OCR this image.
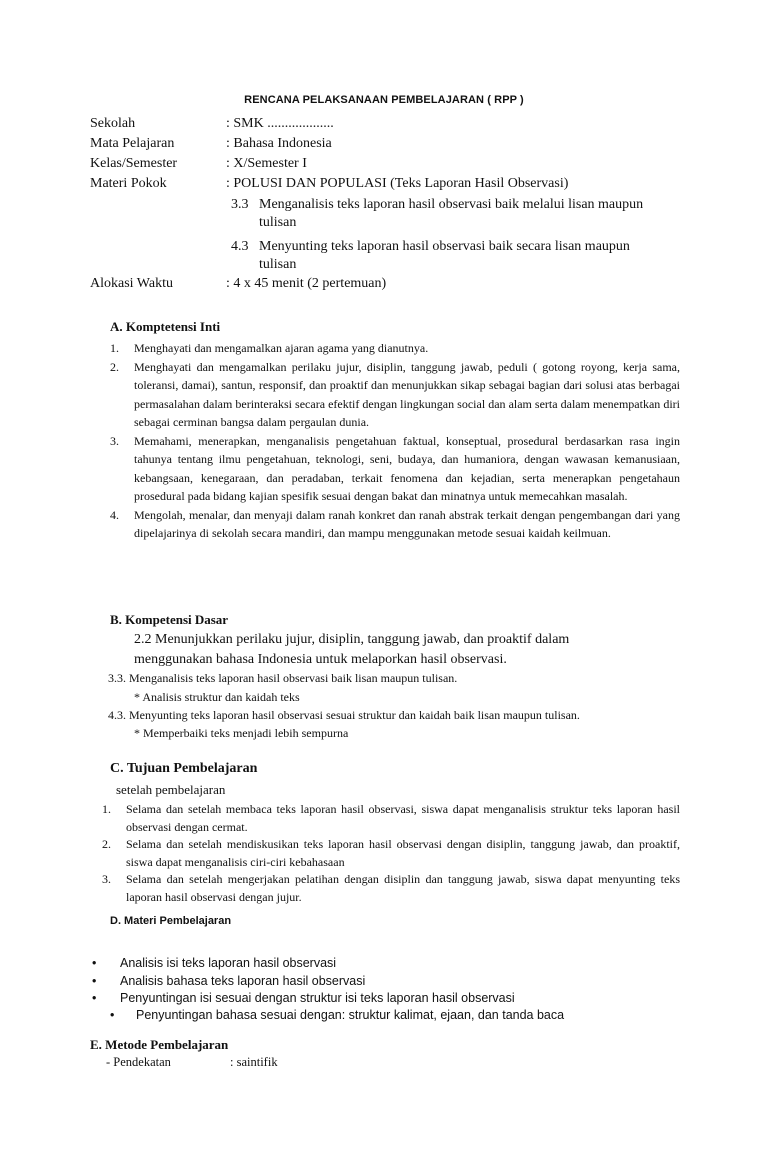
RENCANA PELAKSANAAN PEMBELAJARAN ( RPP )
Sekolah	: SMK ...................
Mata Pelajaran	: Bahasa Indonesia
Kelas/Semester	: X/Semester I
Materi Pokok	: POLUSI DAN POPULASI (Teks Laporan Hasil Observasi)
3.3 Menganalisis teks laporan hasil observasi baik melalui lisan maupun
tulisan
4.3 Menyunting teks laporan hasil observasi baik secara lisan maupun
tulisan
Alokasi Waktu	: 4 x 45 menit (2 pertemuan)
A. Komptetensi Inti
1. Menghayati dan mengamalkan ajaran agama yang dianutnya.
2. Menghayati dan mengamalkan perilaku jujur, disiplin, tanggung jawab, peduli ( gotong royong, kerja sama, toleransi, damai), santun, responsif, dan proaktif dan menunjukkan sikap sebagai bagian dari solusi atas berbagai permasalahan dalam berinteraksi secara efektif dengan lingkungan social dan alam serta dalam menempatkan diri sebagai cerminan bangsa dalam pergaulan dunia.
3. Memahami, menerapkan, menganalisis pengetahuan faktual, konseptual, prosedural berdasarkan rasa ingin tahunya tentang ilmu pengetahuan, teknologi, seni, budaya, dan humaniora, dengan wawasan kemanusiaan, kebangsaan, kenegaraan, dan peradaban, terkait fenomena dan kejadian, serta menerapkan pengetahaun prosedural pada bidang kajian spesifik sesuai dengan bakat dan minatnya untuk memecahkan masalah.
4. Mengolah, menalar, dan menyaji dalam ranah konkret dan ranah abstrak terkait dengan pengembangan dari yang dipelajarinya di sekolah secara mandiri, dan mampu menggunakan metode sesuai kaidah keilmuan.
B. Kompetensi Dasar
2.2 Menunjukkan perilaku jujur, disiplin, tanggung jawab, dan proaktif dalam
menggunakan bahasa Indonesia untuk melaporkan hasil observasi.
3.3. Menganalisis teks laporan hasil observasi baik lisan maupun tulisan.
* Analisis struktur dan kaidah teks
4.3. Menyunting teks laporan hasil observasi sesuai struktur dan kaidah baik lisan maupun tulisan.
* Memperbaiki teks menjadi lebih sempurna
C. Tujuan Pembelajaran
setelah pembelajaran
1. Selama dan setelah membaca teks laporan hasil observasi, siswa dapat menganalisis struktur teks laporan hasil observasi dengan cermat.
2. Selama dan setelah mendiskusikan teks laporan hasil observasi dengan disiplin, tanggung jawab, dan proaktif, siswa dapat menganalisis ciri-ciri kebahasaan
3. Selama dan setelah mengerjakan pelatihan dengan disiplin dan tanggung jawab, siswa dapat menyunting teks laporan hasil observasi dengan jujur.
D. Materi Pembelajaran
• Analisis isi teks laporan hasil observasi
• Analisis bahasa teks laporan hasil observasi
• Penyuntingan isi sesuai dengan struktur isi teks laporan hasil observasi
• Penyuntingan bahasa sesuai dengan: struktur kalimat, ejaan, dan tanda baca
E. Metode Pembelajaran
- Pendekatan	: saintifik
